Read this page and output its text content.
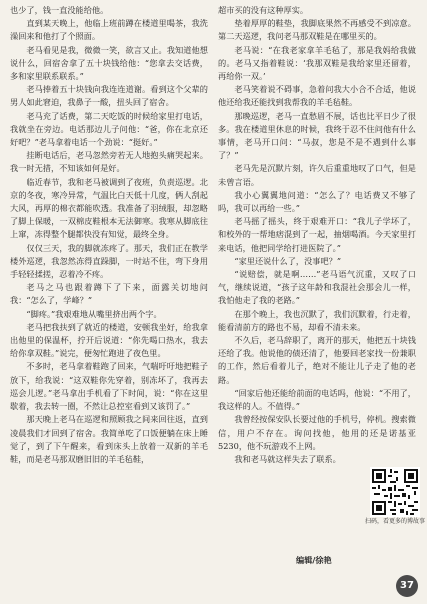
也少了，钱一直没能给他。

直到某天晚上，他临上班前蹲在楼道里喝茶，我洗澡回来和他打了个照面。

老马看见是我，微微一笑，欲言又止。我知道他想说什么，回宿舍拿了五十块钱给他：“您拿去交话费，多和家里联系联系。”

老马捧着五十块钱向我连连道谢。看到这个父辈的男人如此窘迫，我鼻子一酸，扭头回了宿舍。

老马充了话费，第二天吃饭的时候给家里打电话，我就坐在旁边。电话那边儿子问他：“爸，你在北京还好吧？”老马拿着电话一个劲说：“挺好。”

挂断电话后，老马忽然旁若无人地抱头痛哭起来。我一时无措，不知该如何是好。

临近春节，我和老马被调到了夜班，负责巡逻。北京的冬夜，寒冷异常，气温比白天低十几度，俩人刮起大风，再厚的棉衣都能吹透。我准备了羽绒服，却忽略了脚上保暖，一双棉皮鞋根本无法御寒。我寒从脚底往上窜，冻得整个腿都快没有知觉，最终全身。

仅仅三天，我的脚就冻疼了。那天，我们正在教学楼外巡逻，我忽然冻得直跺脚，一时站不住，弯下身用手轻轻揉搓，忍着冷不疼。

老马之马也跟着蹲下了下来，面露关切地问我：“怎么了，学峰？”

“脚疼。”我艰难地从嘴里挤出两个字。

老马把我扶到了就近的楼道，安顿我坐好，给我拿出他里的保温杯，拧开后说道：“你先喝口热水，我去给你拿双鞋。”说完，便匆忙跑进了夜色里。

不多时，老马拿着鞋跑了回来，气喘吁吁地把鞋子放下，给我说：“这双鞋你先穿着，别冻坏了，我再去巡会儿逻。”老马拿出手机看了下时间，说：“你在这里歇着，我去转一圈，不然让总控室看到又该罚了。”

那天晚上老马在巡逻和照顾我之间来回往返，直到凌晨我们才回到了宿舍。我简单吃了口饭便躺在床上睡觉了，到了下午醒来，看到床头上放着一双新的羊毛鞋，而是老马那双磨旧旧的羊毛毡鞋，

超市买的没有这种厚实。

垫着厚厚的鞋垫，我脚底果然不再感受不到凉意。第二天巡逻，我问老马那双鞋是在哪里买的。

老马说：“在我老家拿羊毛毡了，那是我妈给我做的。老马又指着鞋说：‘我那双鞋是我给家里还留着，再给你一双。’

老马笑着说不碍事，急着问我大小合不合适，他说他还给我还能找到我帮我的羊毛毡鞋。

那晚巡逻，老马一直愁眉不展，话也比平日少了很多。我在楼道里休息的时候，我终于忍不住问他有什么事情，老马开口问：“马叔，您是不是不遇到什么事了？”

老马先是沉默片刻，许久后重重地叹了口气，但是未曾言语。

我小心翼翼地问道：“怎么了？电话费又不够了吗，我可以再给一些。”

老马摇了摇头，终于艰难开口：“我儿子学坏了，和校外的一帮地痞混到了一起，抽烟喝酒。今天家里打来电话，他把同学给打进医院了。”

“家里还说什么了，没事吧？”

“说赔偿，就是啊……”老马语气沉重，又叹了口气，继续说道，“孩子这年龄和我混社会那会儿一样，我怕他走了我的老路。”

在那个晚上，我也沉默了，我们沉默着，行走着，能看清前方的路也不易，却看不清未来。

不久后，老马辞职了，离开的那天，他把五十块钱还给了我。他说他的债还清了，他要回老家找一份兼职的工作，然后看着儿子，绝对不能让儿子走了他的老路。

“回家后他还能给前面的电话吗，他说：“不用了，我这样的人。不值得。”

我曾经按保安队长要过他的手机号，停机。搜索微信，用户不存在。询问找他，他用的还是诺基亚5230，他不玩游戏不上网。

我和老马就这样失去了联系。

扫码，看更多的博故事
编辑/徐艳
37
